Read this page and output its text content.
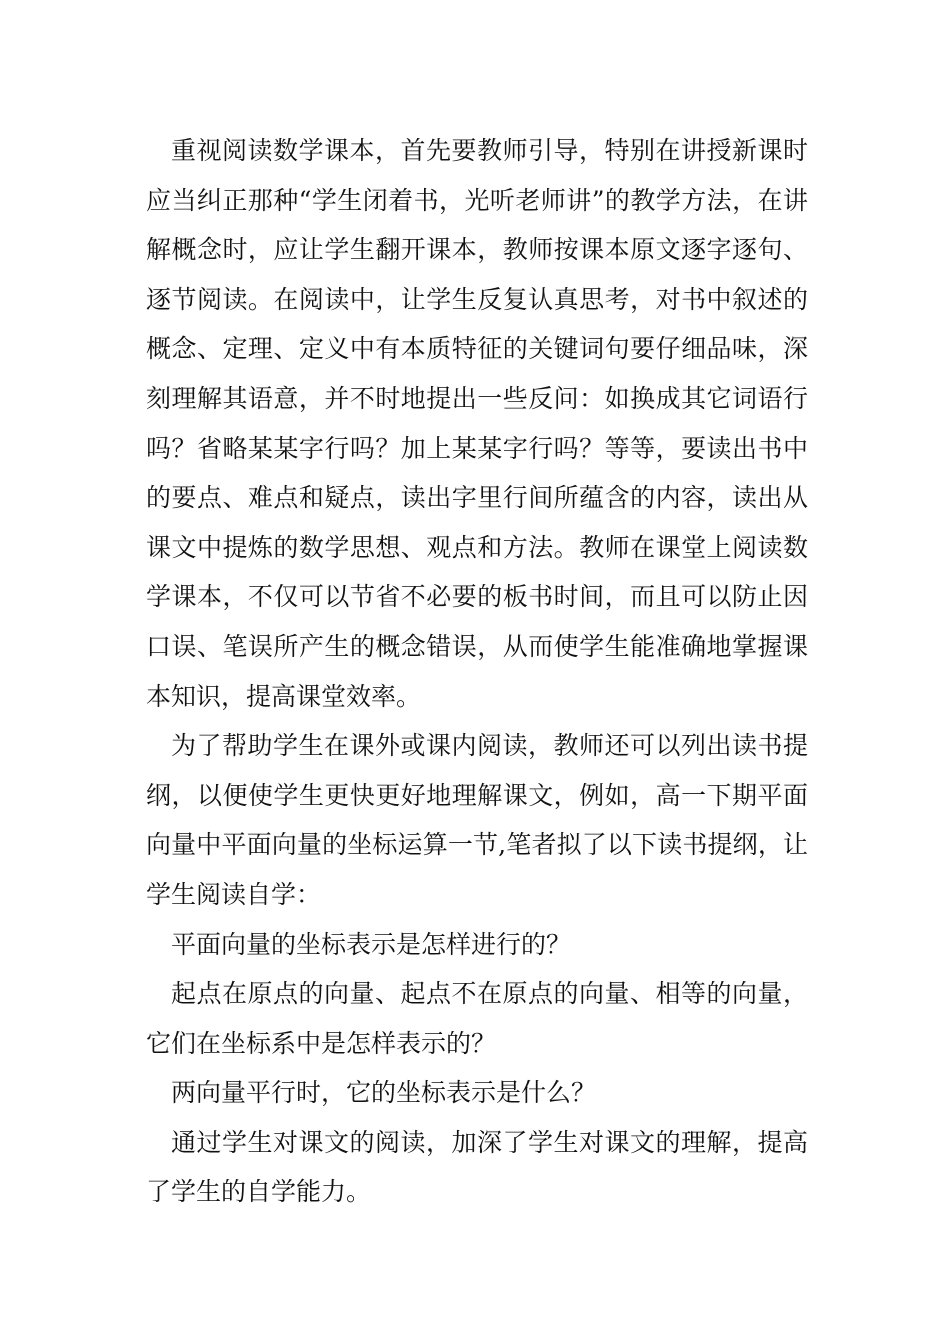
重视阅读数学课本，首先要教师引导，特别在讲授新课时应当纠正那种“学生闭着书，光听老师讲”的教学方法，在讲解概念时，应让学生翻开课本，教师按课本原文逐字逐句、逐节阅读。在阅读中，让学生反复认真思考，对书中叙述的概念、定理、定义中有本质特征的关键词句要仔细品味，深刻理解其语意，并不时地提出一些反问：如换成其它词语行吗？省略某某字行吗？加上某某字行吗？等等，要读出书中的要点、难点和疑点，读出字里行间所蕴含的内容，读出从课文中提炼的数学思想、观点和方法。教师在课堂上阅读数学课本，不仅可以节省不必要的板书时间，而且可以防止因口误、笔误所产生的概念错误，从而使学生能准确地掌握课本知识，提高课堂效率。

为了帮助学生在课外或课内阅读，教师还可以列出读书提纲，以便使学生更快更好地理解课文，例如，高一下期平面向量中平面向量的坐标运算一节,笔者拟了以下读书提纲，让学生阅读自学：

平面向量的坐标表示是怎样进行的？

起点在原点的向量、起点不在原点的向量、相等的向量，它们在坐标系中是怎样表示的？

两向量平行时，它的坐标表示是什么？

通过学生对课文的阅读，加深了学生对课文的理解，提高了学生的自学能力。
